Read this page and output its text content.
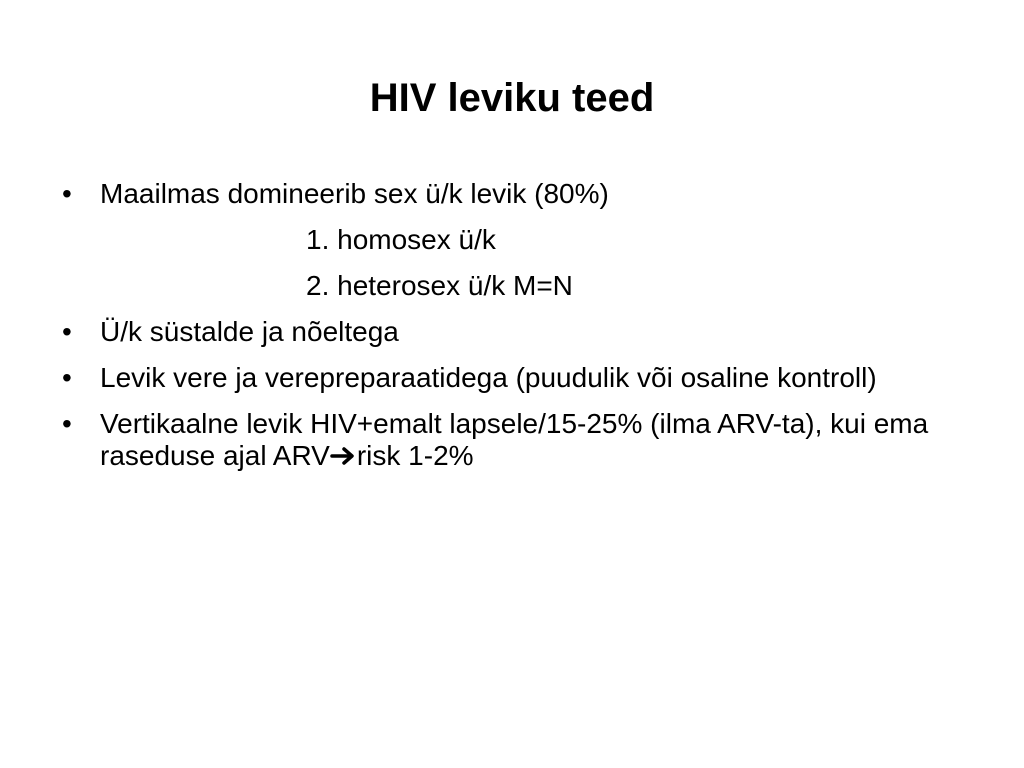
HIV leviku teed
• Maailmas domineerib sex ü/k levik (80%)
1. homosex ü/k
2. heterosex ü/k M=N
• Ü/k süstalde ja nõeltega
• Levik vere ja verepreparaatidega (puudulik või osaline kontroll)
• Vertikaalne levik HIV+emalt lapsele/15-25% (ilma ARV-ta), kui ema raseduse ajal ARV risk 1-2%
